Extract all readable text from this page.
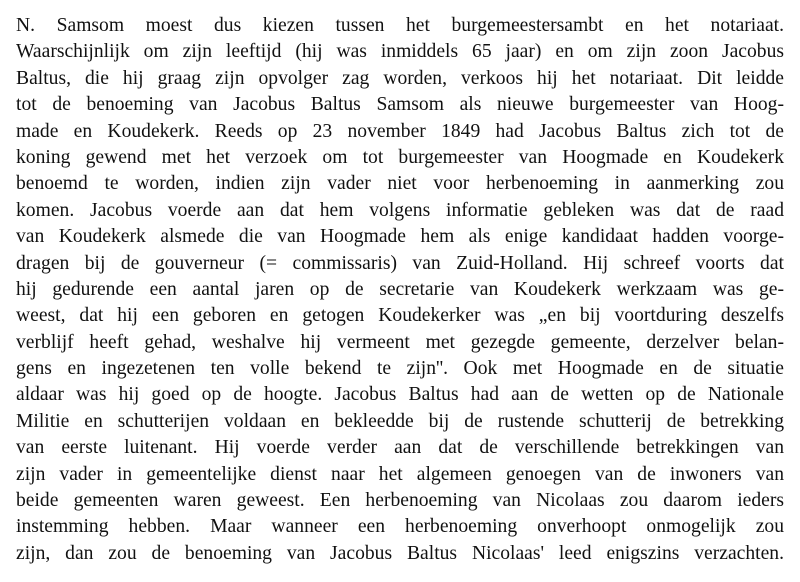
N. Samsom moest dus kiezen tussen het burgemeestersambt en het notariaat.
Waarschijnlijk om zijn leeftijd (hij was inmiddels 65 jaar) en om zijn zoon Jacobus
Baltus, die hij graag zijn opvolger zag worden, verkoos hij het notariaat. Dit leidde
tot de benoeming van Jacobus Baltus Samsom als nieuwe burgemeester van Hoog-
made en Koudekerk. Reeds op 23 november 1849 had Jacobus Baltus zich tot de
koning gewend met het verzoek om tot burgemeester van Hoogmade en Koudekerk
benoemd te worden, indien zijn vader niet voor herbenoeming in aanmerking zou
komen. Jacobus voerde aan dat hem volgens informatie gebleken was dat de raad
van Koudekerk alsmede die van Hoogmade hem als enige kandidaat hadden voorge-
dragen bij de gouverneur (= commissaris) van Zuid-Holland. Hij schreef voorts dat
hij gedurende een aantal jaren op de secretarie van Koudekerk werkzaam was ge-
weest, dat hij een geboren en getogen Koudekerker was „en bij voortduring deszelfs
verblijf heeft gehad, weshalve hij vermeent met gezegde gemeente, derzelver belan-
gens en ingezetenen ten volle bekend te zijn''. Ook met Hoogmade en de situatie
aldaar was hij goed op de hoogte. Jacobus Baltus had aan de wetten op de Nationale
Militie en schutterijen voldaan en bekleedde bij de rustende schutterij de betrekking
van eerste luitenant. Hij voerde verder aan dat de verschillende betrekkingen van
zijn vader in gemeentelijke dienst naar het algemeen genoegen van de inwoners van
beide gemeenten waren geweest. Een herbenoeming van Nicolaas zou daarom ieders
instemming hebben. Maar wanneer een herbenoeming onverhoopt onmogelijk zou
zijn, dan zou de benoeming van Jacobus Baltus Nicolaas' leed enigszins verzachten.
